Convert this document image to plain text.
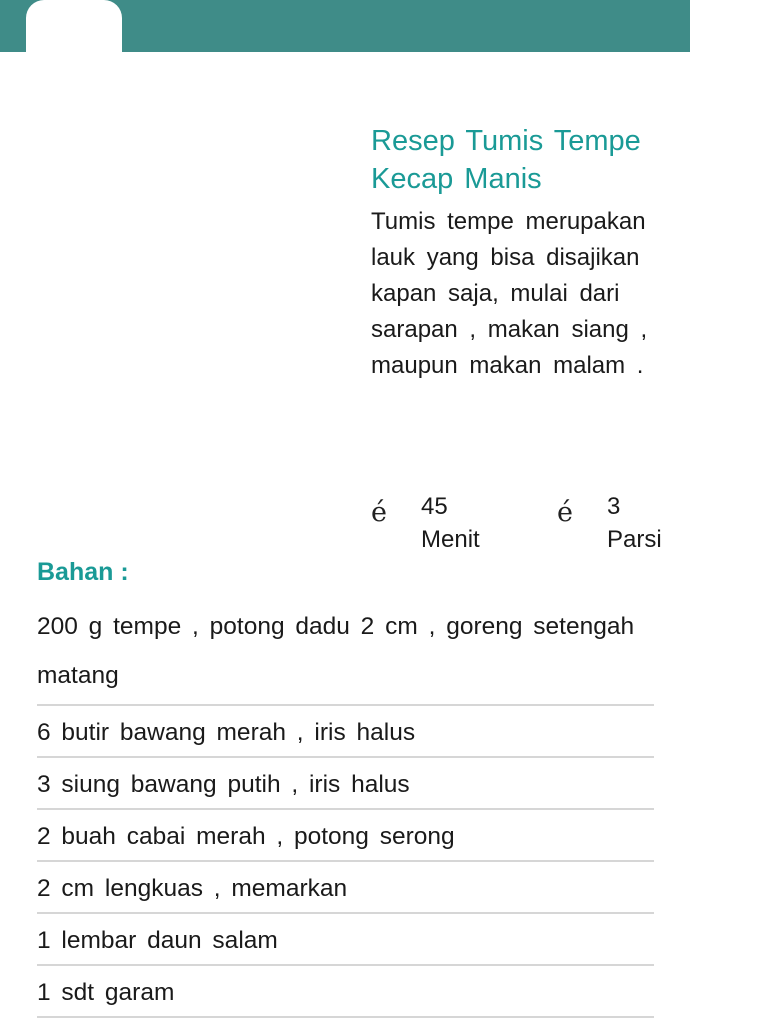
Resep Tumis Tempe Kecap Manis

Tumis tempe merupakan lauk yang bisa disajikan kapan saja, mulai dari sarapan , makan siang , maupun makan malam .

é 45
Menit
é 3
Parsi
Bahan :
200 g tempe , potong dadu 2 cm , goreng setengah matang
6 butir bawang merah , iris halus
3 siung bawang putih , iris halus
2 buah cabai merah , potong serong
2 cm lengkuas , memarkan
1 lembar daun salam
1 sdt garam
